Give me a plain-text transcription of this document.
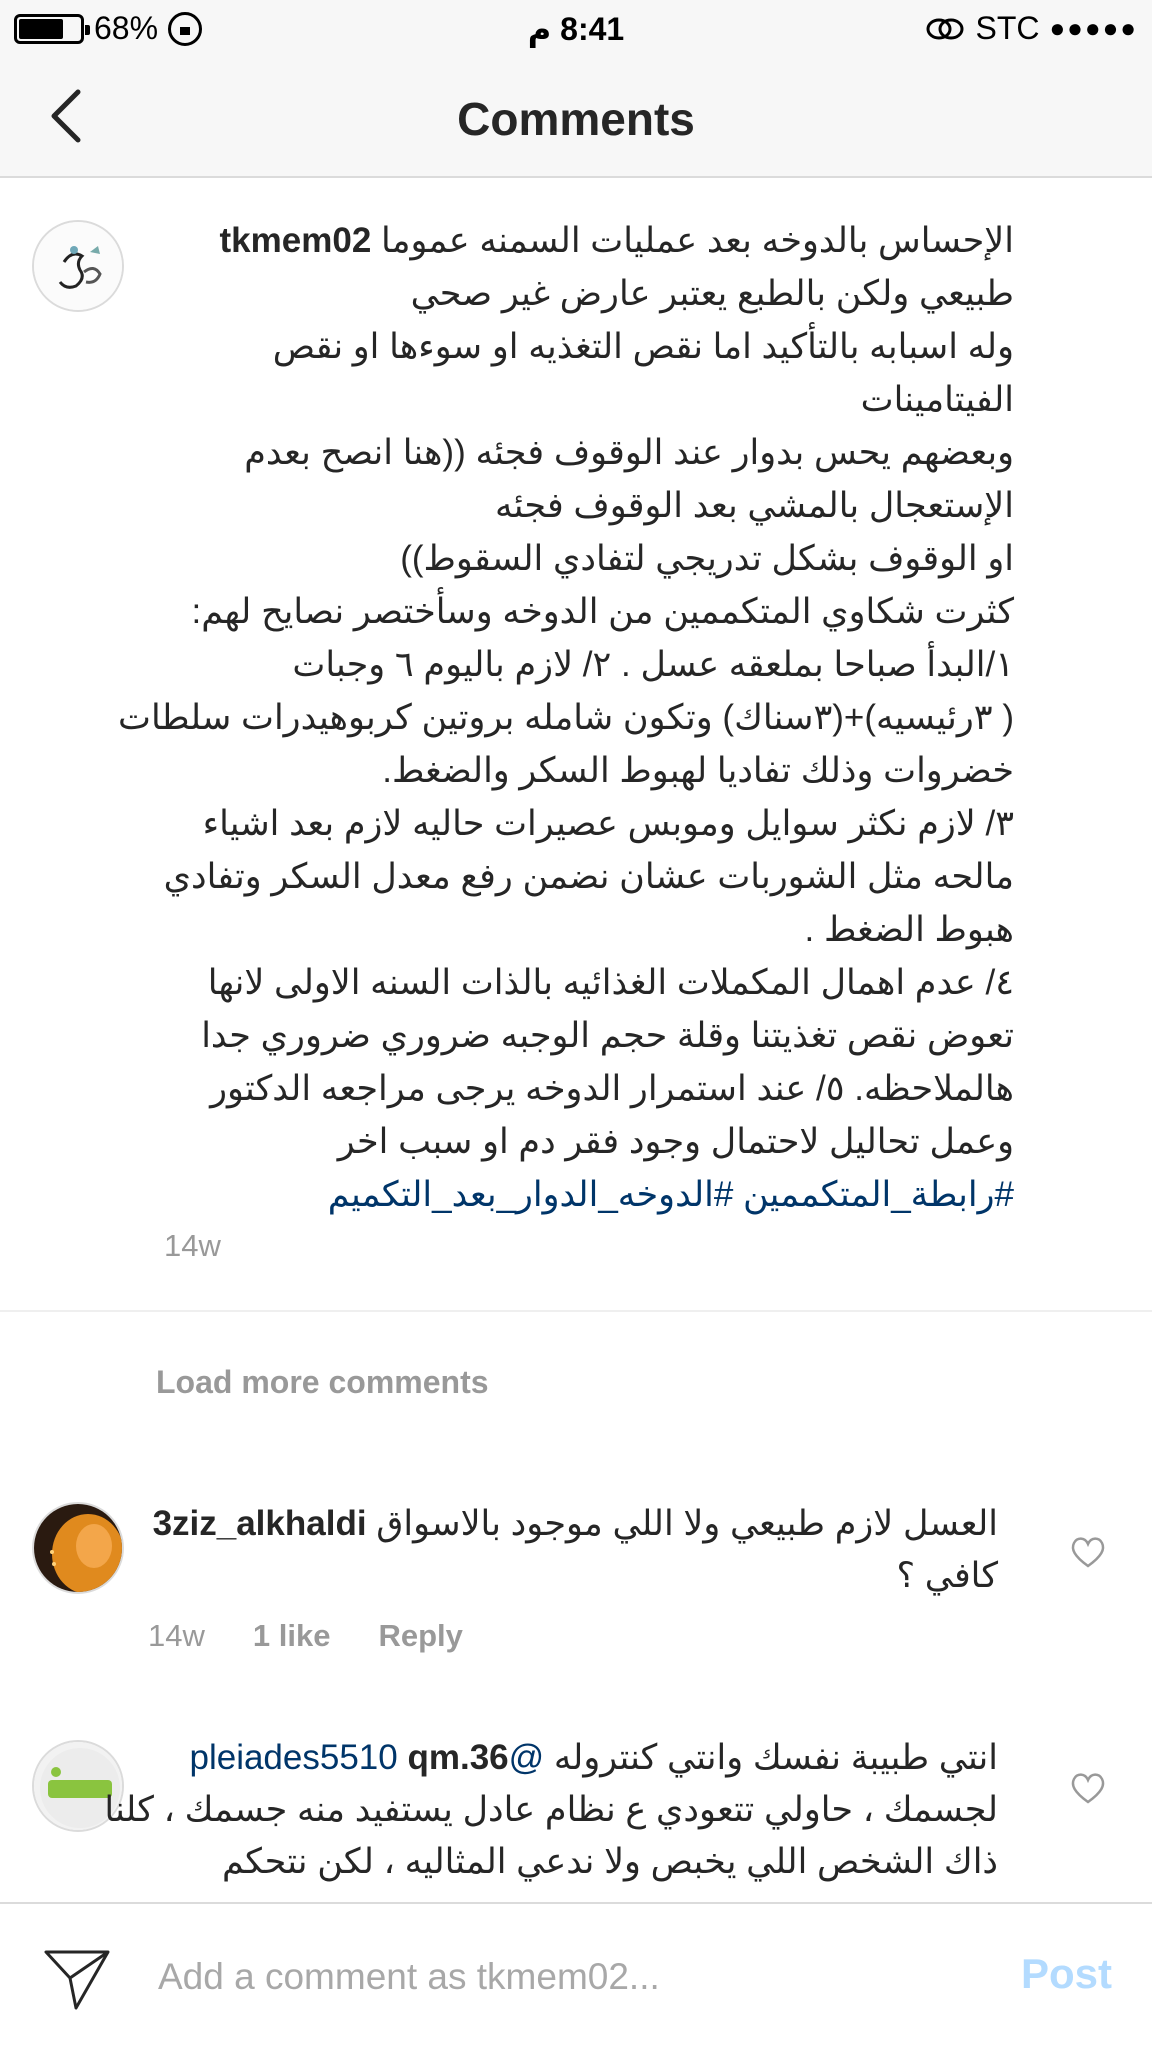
68%	8:41 م	STC ●●●●●
Comments
الإحساس بالدوخه بعد عمليات السمنه عموما tkmem02
طبيعي ولكن بالطبع يعتبر عارض غير صحي
وله اسبابه بالتأكيد اما نقص التغذيه او سوءها او نقص
الفيتامينات
وبعضهم يحس بدوار عند الوقوف فجئه ((هنا انصح بعدم
الإستعجال بالمشي بعد الوقوف فجئه
او الوقوف بشكل تدريجي لتفادي السقوط))
كثرت شكاوي المتكممين من الدوخه وسأختصر نصايح لهم:
١/البدأ صباحا بملعقه عسل . ٢/ لازم باليوم ٦ وجبات
( ٣رئيسيه)+(٣سناك) وتكون شامله بروتين كربوهيدرات سلطات
خضروات وذلك تفاديا لهبوط السكر والضغط.
٣/ لازم نكثر سوايل وموبس عصيرات حاليه لازم بعد اشياء
مالحه مثل الشوربات عشان نضمن رفع معدل السكر وتفادي
هبوط الضغط .
٤/ عدم اهمال المكملات الغذائيه بالذات السنه الاولى لانها
تعوض نقص تغذيتنا وقلة حجم الوجبه ضروري ضروري جدا
هالملاحظه. ٥/ عند استمرار الدوخه يرجى مراجعه الدكتور
وعمل تحاليل لاحتمال وجود فقر دم او سبب اخر
#رابطة_المتكممين #الدوخه_الدوار_بعد_التكميم
14w
Load more comments
العسل لازم طبيعي ولا اللي موجود بالاسواق 3ziz_alkhaldi
كافي ؟
14w 1 like Reply
انتي طبيبة نفسك وانتي كنتروله @pleiades5510 qm.36
لجسمك ، حاولي تتعودي ع نظام عادل يستفيد منه جسمك ، كلنا
ذاك الشخص اللي يخبص ولا ندعي المثاليه ، لكن نتحكم
Add a comment as tkmem02...
Post
